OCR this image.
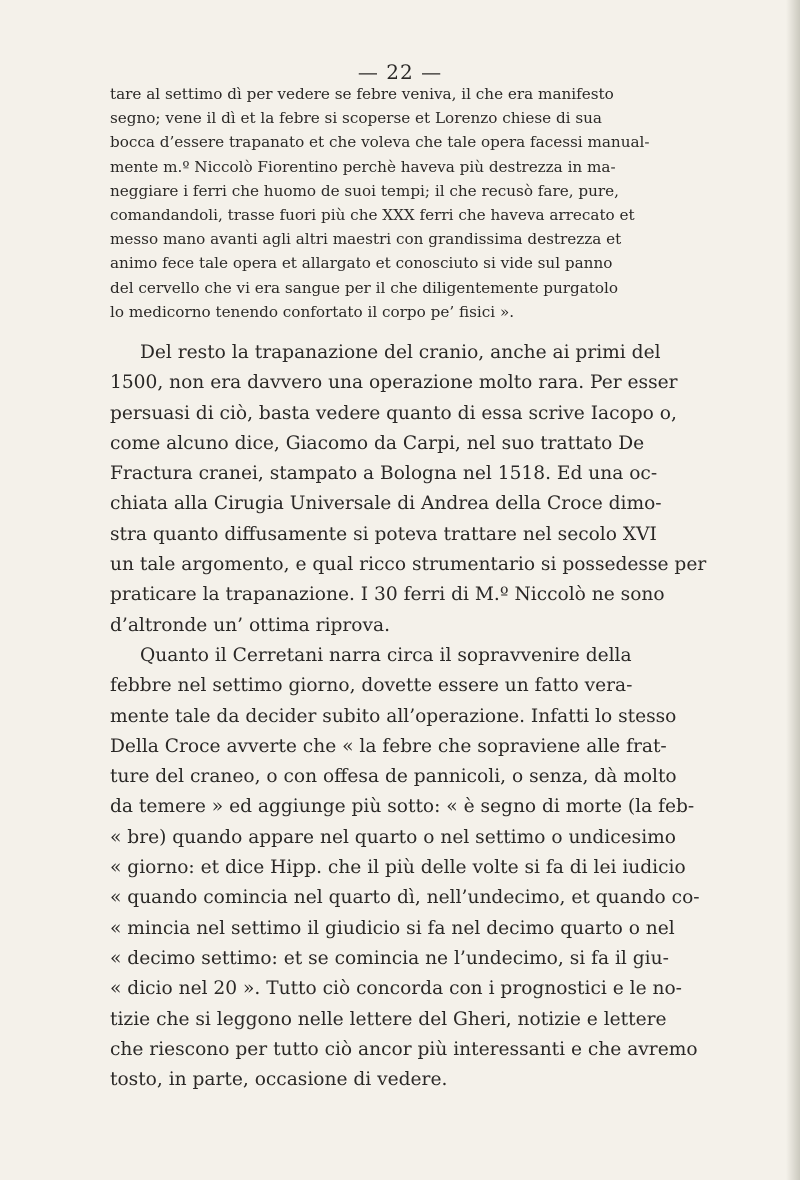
— 22 —
tare al settimo dì per vedere se febre veniva, il che era manifesto
segno; vene il dì et la febre si scoperse et Lorenzo chiese di sua
bocca d’essere trapanato et che voleva che tale opera facessi manual-
mente m.º Niccolò Fiorentino perchè haveva più destrezza in ma-
neggiare i ferri che huomo de suoi tempi; il che recusò fare, pure,
comandandoli, trasse fuori più che XXX ferri che haveva arrecato et
messo mano avanti agli altri maestri con grandissima destrezza et
animo fece tale opera et allargato et conosciuto si vide sul panno
del cervello che vi era sangue per il che diligentemente purgatolo
lo medicorno tenendo confortato il corpo pe’ fisici ».
Del resto la trapanazione del cranio, anche ai primi del
1500, non era davvero una operazione molto rara. Per esser
persuasi di ciò, basta vedere quanto di essa scrive Iacopo o,
come alcuno dice, Giacomo da Carpi, nel suo trattato De
Fractura cranei, stampato a Bologna nel 1518. Ed una oc-
chiata alla Cirugia Universale di Andrea della Croce dimo-
stra quanto diffusamente si poteva trattare nel secolo XVI
un tale argomento, e qual ricco strumentario si possedesse per
praticare la trapanazione. I 30 ferri di M.º Niccolò ne sono
d’altronde un’ ottima riprova.
Quanto il Cerretani narra circa il sopravvenire della
febbre nel settimo giorno, dovette essere un fatto vera-
mente tale da decider subito all’operazione. Infatti lo stesso
Della Croce avverte che « la febre che sopraviene alle frat-
ture del craneo, o con offesa de pannicoli, o senza, dà molto
da temere » ed aggiunge più sotto: « è segno di morte (la feb-
« bre) quando appare nel quarto o nel settimo o undicesimo
« giorno: et dice Hipp. che il più delle volte si fa di lei iudicio
« quando comincia nel quarto dì, nell’undecimo, et quando co-
« mincia nel settimo il giudicio si fa nel decimo quarto o nel
« decimo settimo: et se comincia ne l’undecimo, si fa il giu-
« dicio nel 20 ». Tutto ciò concorda con i prognostici e le no-
tizie che si leggono nelle lettere del Gheri, notizie e lettere
che riescono per tutto ciò ancor più interessanti e che avremo
tosto, in parte, occasione di vedere.
